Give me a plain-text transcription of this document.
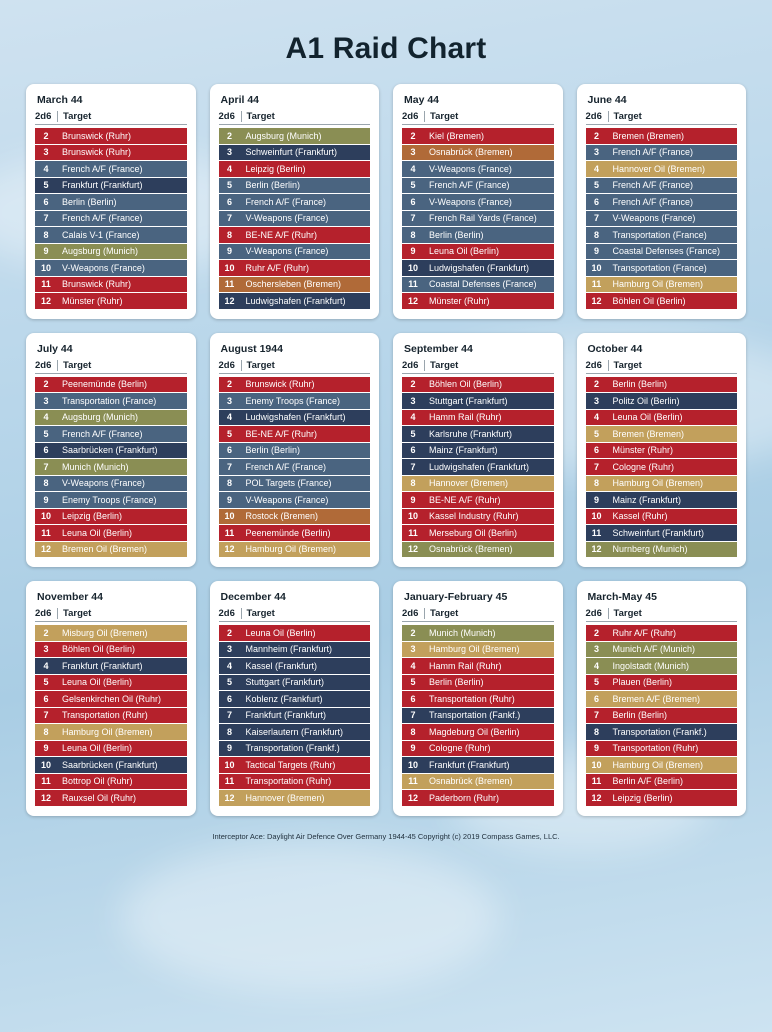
A1 Raid Chart
March 44
2d6	Target
2	Brunswick (Ruhr)
3	Brunswick (Ruhr)
4	French A/F (France)
5	Frankfurt (Frankfurt)
6	Berlin (Berlin)
7	French A/F (France)
8	Calais V-1 (France)
9	Augsburg (Munich)
10	V-Weapons (France)
11	Brunswick (Ruhr)
12	Münster (Ruhr)
April 44
2d6	Target
2	Augsburg (Munich)
3	Schweinfurt (Frankfurt)
4	Leipzig (Berlin)
5	Berlin (Berlin)
6	French A/F (France)
7	V-Weapons (France)
8	BE-NE A/F (Ruhr)
9	V-Weapons (France)
10	Ruhr A/F (Ruhr)
11	Oschersleben (Bremen)
12	Ludwigshafen (Frankfurt)
May 44
2d6	Target
2	Kiel (Bremen)
3	Osnabrück (Bremen)
4	V-Weapons (France)
5	French A/F (France)
6	V-Weapons (France)
7	French Rail Yards (France)
8	Berlin (Berlin)
9	Leuna Oil (Berlin)
10	Ludwigshafen (Frankfurt)
11	Coastal Defenses (France)
12	Münster (Ruhr)
June 44
2d6	Target
2	Bremen (Bremen)
3	French A/F (France)
4	Hannover Oil (Bremen)
5	French A/F (France)
6	French A/F (France)
7	V-Weapons (France)
8	Transportation (France)
9	Coastal Defenses (France)
10	Transportation (France)
11	Hamburg Oil (Bremen)
12	Böhlen Oil (Berlin)
July 44
2d6	Target
2	Peenemünde (Berlin)
3	Transportation (France)
4	Augsburg (Munich)
5	French A/F (France)
6	Saarbrücken (Frankfurt)
7	Munich (Munich)
8	V-Weapons (France)
9	Enemy Troops (France)
10	Leipzig (Berlin)
11	Leuna Oil (Berlin)
12	Bremen Oil (Bremen)
August 1944
2d6	Target
2	Brunswick (Ruhr)
3	Enemy Troops (France)
4	Ludwigshafen (Frankfurt)
5	BE-NE A/F (Ruhr)
6	Berlin (Berlin)
7	French A/F (France)
8	POL Targets (France)
9	V-Weapons (France)
10	Rostock (Bremen)
11	Peenemünde (Berlin)
12	Hamburg Oil (Bremen)
September 44
2d6	Target
2	Böhlen Oil (Berlin)
3	Stuttgart (Frankfurt)
4	Hamm Rail (Ruhr)
5	Karlsruhe (Frankfurt)
6	Mainz (Frankfurt)
7	Ludwigshafen (Frankfurt)
8	Hannover (Bremen)
9	BE-NE A/F (Ruhr)
10	Kassel Industry (Ruhr)
11	Merseburg Oil (Berlin)
12	Osnabrück (Bremen)
October 44
2d6	Target
2	Berlin (Berlin)
3	Politz Oil (Berlin)
4	Leuna Oil (Berlin)
5	Bremen (Bremen)
6	Münster (Ruhr)
7	Cologne (Ruhr)
8	Hamburg Oil (Bremen)
9	Mainz (Frankfurt)
10	Kassel (Ruhr)
11	Schweinfurt (Frankfurt)
12	Nurnberg (Munich)
November 44
2d6	Target
2	Misburg Oil (Bremen)
3	Böhlen Oil (Berlin)
4	Frankfurt (Frankfurt)
5	Leuna Oil (Berlin)
6	Gelsenkirchen Oil (Ruhr)
7	Transportation (Ruhr)
8	Hamburg Oil (Bremen)
9	Leuna Oil (Berlin)
10	Saarbrücken (Frankfurt)
11	Bottrop Oil (Ruhr)
12	Rauxsel Oil (Ruhr)
December 44
2d6	Target
2	Leuna Oil (Berlin)
3	Mannheim (Frankfurt)
4	Kassel (Frankfurt)
5	Stuttgart (Frankfurt)
6	Koblenz (Frankfurt)
7	Frankfurt (Frankfurt)
8	Kaiserlautern (Frankfurt)
9	Transportation (Frankf.)
10	Tactical Targets (Ruhr)
11	Transportation (Ruhr)
12	Hannover (Bremen)
January-February 45
2d6	Target
2	Munich (Munich)
3	Hamburg Oil (Bremen)
4	Hamm Rail (Ruhr)
5	Berlin (Berlin)
6	Transportation (Ruhr)
7	Transportation (Fankf.)
8	Magdeburg Oil (Berlin)
9	Cologne (Ruhr)
10	Frankfurt (Frankfurt)
11	Osnabrück (Bremen)
12	Paderborn (Ruhr)
March-May 45
2d6	Target
2	Ruhr A/F (Ruhr)
3	Munich A/F (Munich)
4	Ingolstadt (Munich)
5	Plauen (Berlin)
6	Bremen A/F (Bremen)
7	Berlin (Berlin)
8	Transportation (Frankf.)
9	Transportation (Ruhr)
10	Hamburg Oil (Bremen)
11	Berlin A/F (Berlin)
12	Leipzig (Berlin)
Interceptor Ace: Daylight Air Defence Over Germany 1944-45 Copyright (c) 2019 Compass Games, LLC.
